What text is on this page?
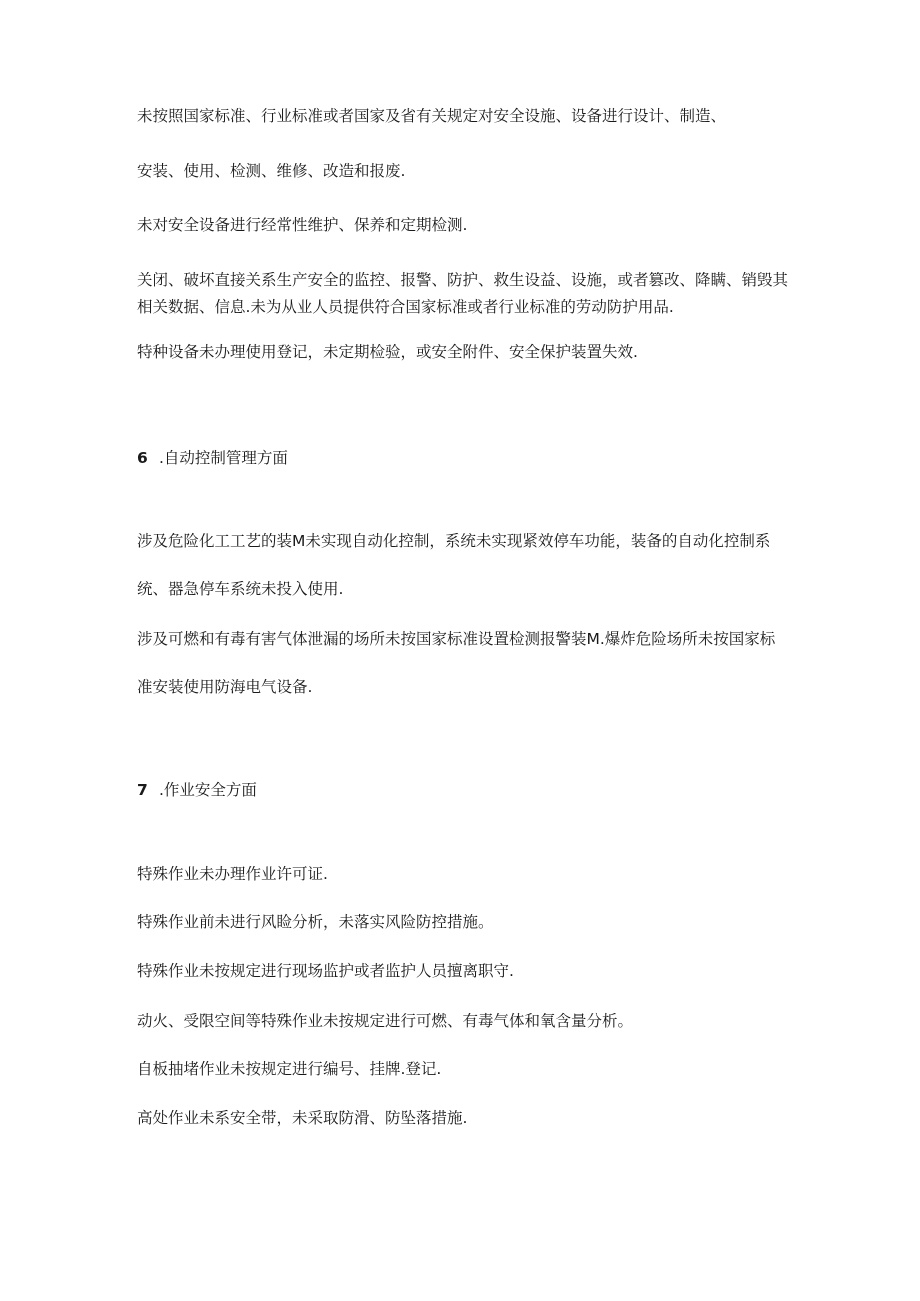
未按照国家标准、行业标准或者国家及省有关规定对安全设施、设备进行设计、制造、
安装、使用、检测、维修、改造和报废.
未对安全设备进行经常性维护、保养和定期检测.
关闭、破坏直接关系生产安全的监控、报警、防护、救生设益、设施，或者篡改、降瞒、销毁其
相关数据、信息.未为从业人员提供符合国家标准或者行业标准的劳动防护用品.
特种设备未办理使用登记，未定期检验，或安全附件、安全保护装置失效.
6 .自动控制管理方面
涉及危险化工工艺的装M未实现自动化控制，系统未实现紧效停车功能，装备的自动化控制系
统、器急停车系统未投入使用.
涉及可燃和有毒有害气体泄漏的场所未按国家标准设置检测报警装M.爆炸危险场所未按国家标
准安装使用防海电气设备.
7 .作业安全方面
特殊作业未办理作业许可证.
特殊作业前未进行风睑分析，未落实风险防控措施。
特殊作业未按规定进行现场监护或者监护人员擅离职守.
动火、受限空间等特殊作业未按规定进行可燃、有毒气体和氧含量分析。
自板抽堵作业未按规定进行编号、挂牌.登记.
高处作业未系安全带，未采取防滑、防坠落措施.
